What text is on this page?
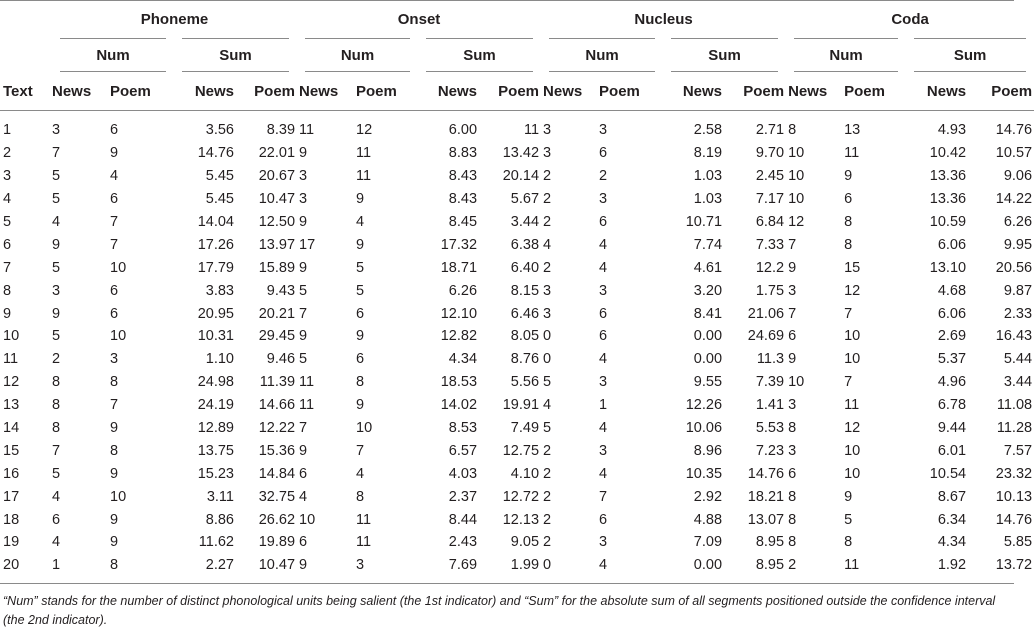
	Phoneme				Onset				Nucleus				Coda			
	Num		Sum		Num		Sum		Num		Sum		Num		Sum	

Text	News	Poem	News	Poem	News	Poem	News	Poem	News	Poem	News	Poem	News	Poem	News	Poem
1	3	6	3.56	8.39	11	12	6.00	11	3	3	2.58	2.71	8	13	4.93	14.76
2	7	9	14.76	22.01	9	11	8.83	13.42	3	6	8.19	9.70	10	11	10.42	10.57
3	5	4	5.45	20.67	3	11	8.43	20.14	2	2	1.03	2.45	10	9	13.36	9.06
4	5	6	5.45	10.47	3	9	8.43	5.67	2	3	1.03	7.17	10	6	13.36	14.22
5	4	7	14.04	12.50	9	4	8.45	3.44	2	6	10.71	6.84	12	8	10.59	6.26
6	9	7	17.26	13.97	17	9	17.32	6.38	4	4	7.74	7.33	7	8	6.06	9.95
7	5	10	17.79	15.89	9	5	18.71	6.40	2	4	4.61	12.2	9	15	13.10	20.56
8	3	6	3.83	9.43	5	5	6.26	8.15	3	3	3.20	1.75	3	12	4.68	9.87
9	9	6	20.95	20.21	7	6	12.10	6.46	3	6	8.41	21.06	7	7	6.06	2.33
10	5	10	10.31	29.45	9	9	12.82	8.05	0	6	0.00	24.69	6	10	2.69	16.43
11	2	3	1.10	9.46	5	6	4.34	8.76	0	4	0.00	11.3	9	10	5.37	5.44
12	8	8	24.98	11.39	11	8	18.53	5.56	5	3	9.55	7.39	10	7	4.96	3.44
13	8	7	24.19	14.66	11	9	14.02	19.91	4	1	12.26	1.41	3	11	6.78	11.08
14	8	9	12.89	12.22	7	10	8.53	7.49	5	4	10.06	5.53	8	12	9.44	11.28
15	7	8	13.75	15.36	9	7	6.57	12.75	2	3	8.96	7.23	3	10	6.01	7.57
16	5	9	15.23	14.84	6	4	4.03	4.10	2	4	10.35	14.76	6	10	10.54	23.32
17	4	10	3.11	32.75	4	8	2.37	12.72	2	7	2.92	18.21	8	9	8.67	10.13
18	6	9	8.86	26.62	10	11	8.44	12.13	2	6	4.88	13.07	8	5	6.34	14.76
19	4	9	11.62	19.89	6	11	2.43	9.05	2	3	7.09	8.95	8	8	4.34	5.85
20	1	8	2.27	10.47	9	3	7.69	1.99	0	4	0.00	8.95	2	11	1.92	13.72
“Num” stands for the number of distinct phonological units being salient (the 1st indicator) and “Sum” for the absolute sum of all segments positioned outside the confidence interval (the 2nd indicator).
